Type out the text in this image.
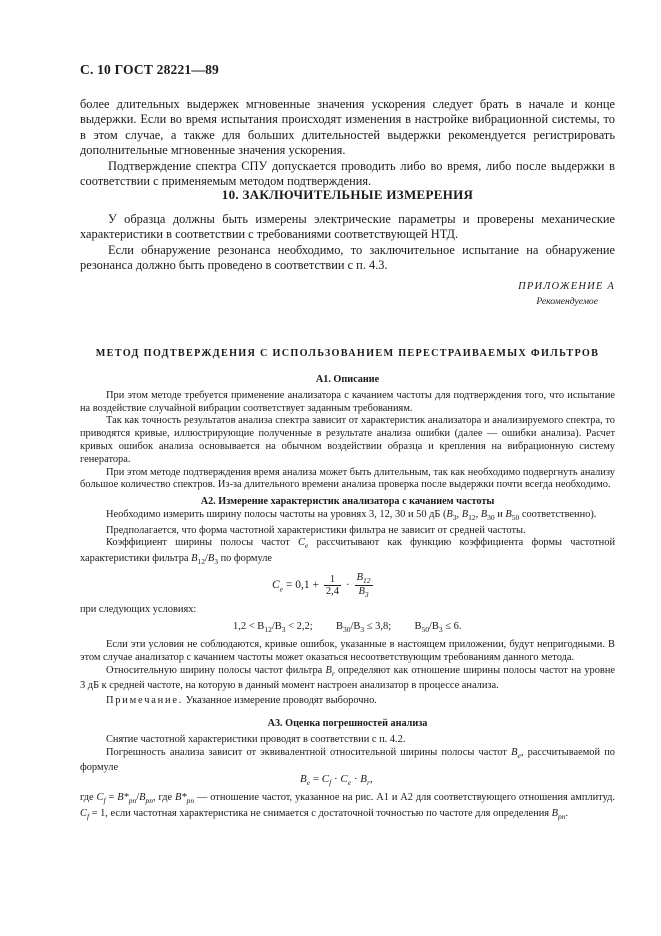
С. 10 ГОСТ 28221—89
более длительных выдержек мгновенные значения ускорения следует брать в начале и конце выдержки. Если во время испытания происходят изменения в настройке вибрационной системы, то в этом случае, а также для больших длительностей выдержки рекомендуется регистрировать дополнительные мгновенные значения ускорения.
Подтверждение спектра СПУ допускается проводить либо во время, либо после выдержки в соответствии с применяемым методом подтверждения.
10. ЗАКЛЮЧИТЕЛЬНЫЕ ИЗМЕРЕНИЯ
У образца должны быть измерены электрические параметры и проверены механические характеристики в соответствии с требованиями соответствующей НТД.
Если обнаружение резонанса необходимо, то заключительное испытание на обнаружение резонанса должно быть проведено в соответствии с п. 4.3.
ПРИЛОЖЕНИЕ А
Рекомендуемое
МЕТОД ПОДТВЕРЖДЕНИЯ С ИСПОЛЬЗОВАНИЕМ ПЕРЕСТРАИВАЕМЫХ ФИЛЬТРОВ
А1. Описание
При этом методе требуется применение анализатора с качанием частоты для подтверждения того, что испытание на воздействие случайной вибрации соответствует заданным требованиям.
Так как точность результатов анализа спектра зависит от характеристик анализатора и анализируемого спектра, то приводятся кривые, иллюстрирующие полученные в результате анализа ошибки (далее — ошибки анализа). Расчет кривых ошибок анализа основывается на обычном воздействии образца и крепления на вибрационную систему генератора.
При этом методе подтверждения время анализа может быть длительным, так как необходимо подвергнуть анализу большое количество спектров. Из-за длительного времени анализа проверка после выдержки почти всегда необходимо.
А2. Измерение характеристик анализатора с качанием частоты
Необходимо измерить ширину полосы частоты на уровнях 3, 12, 30 и 50 дБ ($B_3$, $B_{12}$, $B_{30}$ и $B_{50}$ соответственно).
Предполагается, что форма частотной характеристики фильтра не зависит от средней частоты.
Коэффициент ширины полосы частот $C_e$ рассчитывают как функцию коэффициента формы частотной характеристики фильтра $B_{12}/B_3$ по формуле
$C_e = 0,1 + \frac{1}{2,4} \cdot \frac{B_{12}}{B_3}$
при следующих условиях:
$1,2 < B_{12}/B_3 < 2,2$; $B_{30}/B_3 \le 3,8$; $B_{50}/B_3 \le 6$.
Если эти условия не соблюдаются, кривые ошибок, указанные в настоящем приложении, будут непригодными. В этом случае анализатор с качанием частоты может оказаться несоответствующим требованиям данного метода.
Относительную ширину полосы частот фильтра $B_r$ определяют как отношение ширины полосы частот на уровне 3 дБ к средней частоте, на которую в данный момент настроен анализатор в процессе анализа.
Примечание. Указанное измерение проводят выборочно.
А3. Оценка погрешностей анализа
Снятие частотной характеристики проводят в соответствии с п. 4.2.
Погрешность анализа зависит от эквивалентной относительной ширины полосы частот $B_e$, рассчитываемой по формуле
$B_e = C_f \cdot C_e \cdot B_r$,
где $C_f = B*_{pn}/B_{pn}$, где $B*_{pn}$ — отношение частот, указанное на рис. А1 и А2 для соответствующего отношения амплитуд. $C_f = 1$, если частотная характеристика не снимается с достаточной точностью по частоте для определения $B_{pn}$.
